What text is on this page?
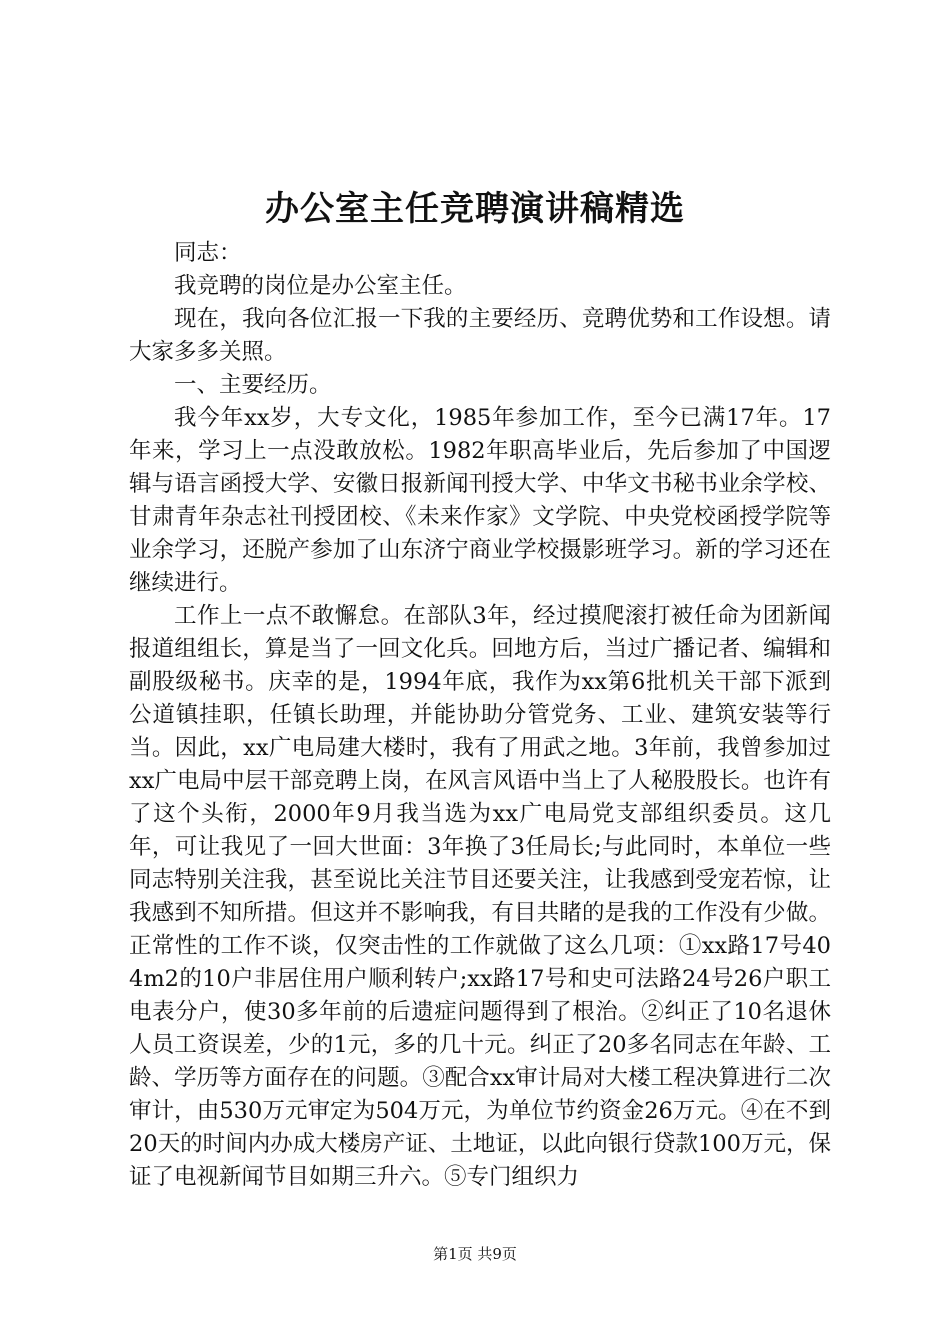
办公室主任竞聘演讲稿精选

同志：

我竞聘的岗位是办公室主任。

现在，我向各位汇报一下我的主要经历、竞聘优势和工作设想。请大家多多关照。

一、主要经历。

我今年xx岁，大专文化，1985年参加工作，至今已满17年。17年来，学习上一点没敢放松。1982年职高毕业后，先后参加了中国逻辑与语言函授大学、安徽日报新闻刊授大学、中华文书秘书业余学校、甘肃青年杂志社刊授团校、《未来作家》文学院、中央党校函授学院等业余学习，还脱产参加了山东济宁商业学校摄影班学习。新的学习还在继续进行。

工作上一点不敢懈怠。在部队3年，经过摸爬滚打被任命为团新闻报道组组长，算是当了一回文化兵。回地方后，当过广播记者、编辑和副股级秘书。庆幸的是，1994年底，我作为xx第6批机关干部下派到公道镇挂职，任镇长助理，并能协助分管党务、工业、建筑安装等行当。因此，xx广电局建大楼时，我有了用武之地。3年前，我曾参加过xx广电局中层干部竞聘上岗，在风言风语中当上了人秘股股长。也许有了这个头衔，2000年9月我当选为xx广电局党支部组织委员。这几年，可让我见了一回大世面：3年换了3任局长;与此同时，本单位一些同志特别关注我，甚至说比关注节目还要关注，让我感到受宠若惊，让我感到不知所措。但这并不影响我，有目共睹的是我的工作没有少做。正常性的工作不谈，仅突击性的工作就做了这么几项：①xx路17号404m2的10户非居住用户顺利转户;xx路17号和史可法路24号26户职工电表分户，使30多年前的后遗症问题得到了根治。②纠正了10名退休人员工资误差，少的1元，多的几十元。纠正了20多名同志在年龄、工龄、学历等方面存在的问题。③配合xx审计局对大楼工程决算进行二次审计，由530万元审定为504万元，为单位节约资金26万元。④在不到20天的时间内办成大楼房产证、土地证，以此向银行贷款100万元，保证了电视新闻节目如期三升六。⑤专门组织力

第1页 共9页
